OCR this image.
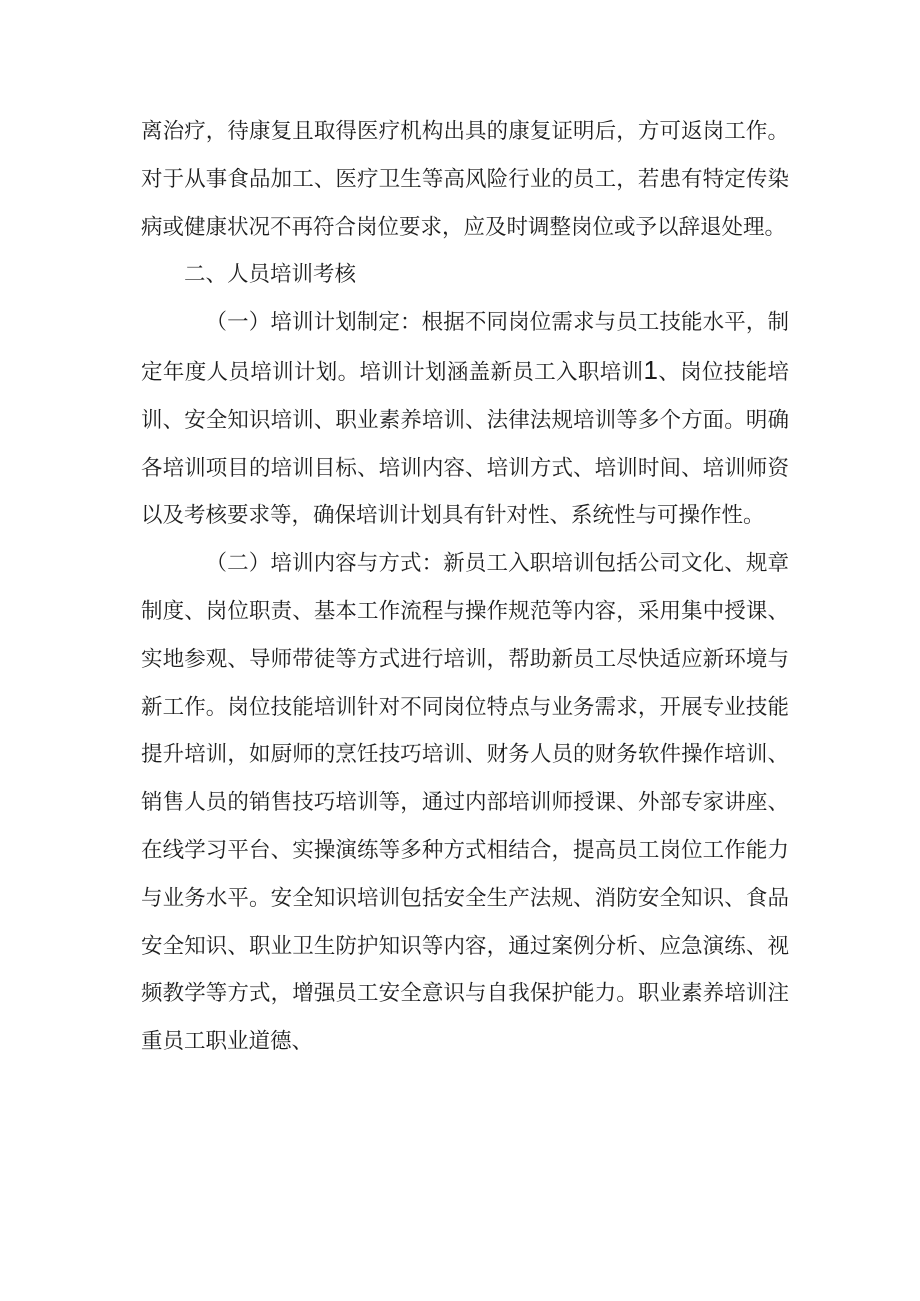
离治疗，待康复且取得医疗机构出具的康复证明后，方可返岗工作。对于从事食品加工、医疗卫生等高风险行业的员工，若患有特定传染病或健康状况不再符合岗位要求，应及时调整岗位或予以辞退处理。

二、人员培训考核

（一）培训计划制定：根据不同岗位需求与员工技能水平，制定年度人员培训计划。培训计划涵盖新员工入职培训1、岗位技能培训、安全知识培训、职业素养培训、法律法规培训等多个方面。明确各培训项目的培训目标、培训内容、培训方式、培训时间、培训师资以及考核要求等，确保培训计划具有针对性、系统性与可操作性。

（二）培训内容与方式：新员工入职培训包括公司文化、规章制度、岗位职责、基本工作流程与操作规范等内容，采用集中授课、实地参观、导师带徒等方式进行培训，帮助新员工尽快适应新环境与新工作。岗位技能培训针对不同岗位特点与业务需求，开展专业技能提升培训，如厨师的烹饪技巧培训、财务人员的财务软件操作培训、销售人员的销售技巧培训等，通过内部培训师授课、外部专家讲座、在线学习平台、实操演练等多种方式相结合，提高员工岗位工作能力与业务水平。安全知识培训包括安全生产法规、消防安全知识、食品安全知识、职业卫生防护知识等内容，通过案例分析、应急演练、视频教学等方式，增强员工安全意识与自我保护能力。职业素养培训注重员工职业道德、
